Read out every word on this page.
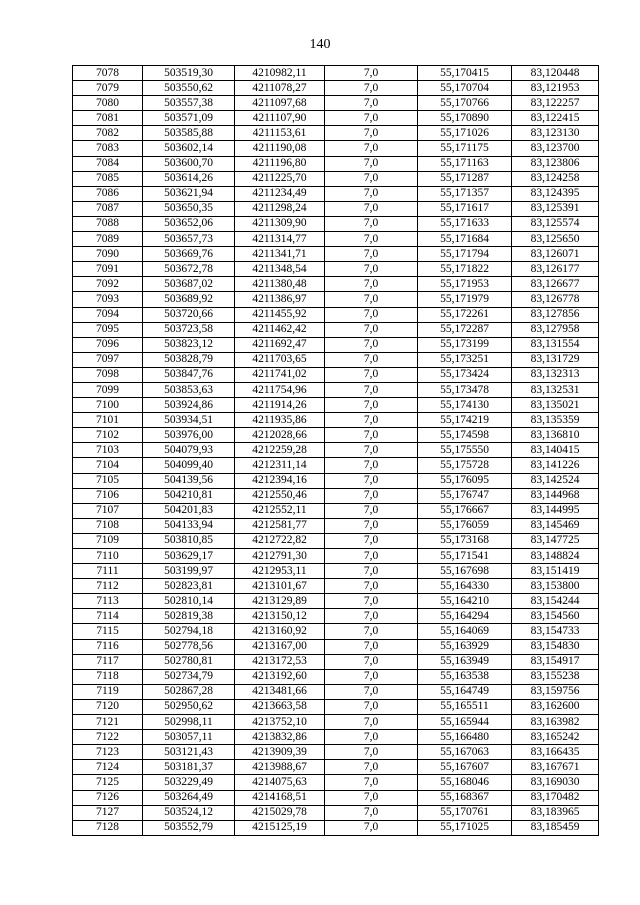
140
7078	503519,30	4210982,11	7,0	55,170415	83,120448
7079	503550,62	4211078,27	7,0	55,170704	83,121953
7080	503557,38	4211097,68	7,0	55,170766	83,122257
7081	503571,09	4211107,90	7,0	55,170890	83,122415
7082	503585,88	4211153,61	7,0	55,171026	83,123130
7083	503602,14	4211190,08	7,0	55,171175	83,123700
7084	503600,70	4211196,80	7,0	55,171163	83,123806
7085	503614,26	4211225,70	7,0	55,171287	83,124258
7086	503621,94	4211234,49	7,0	55,171357	83,124395
7087	503650,35	4211298,24	7,0	55,171617	83,125391
7088	503652,06	4211309,90	7,0	55,171633	83,125574
7089	503657,73	4211314,77	7,0	55,171684	83,125650
7090	503669,76	4211341,71	7,0	55,171794	83,126071
7091	503672,78	4211348,54	7,0	55,171822	83,126177
7092	503687,02	4211380,48	7,0	55,171953	83,126677
7093	503689,92	4211386,97	7,0	55,171979	83,126778
7094	503720,66	4211455,92	7,0	55,172261	83,127856
7095	503723,58	4211462,42	7,0	55,172287	83,127958
7096	503823,12	4211692,47	7,0	55,173199	83,131554
7097	503828,79	4211703,65	7,0	55,173251	83,131729
7098	503847,76	4211741,02	7,0	55,173424	83,132313
7099	503853,63	4211754,96	7,0	55,173478	83,132531
7100	503924,86	4211914,26	7,0	55,174130	83,135021
7101	503934,51	4211935,86	7,0	55,174219	83,135359
7102	503976,00	4212028,66	7,0	55,174598	83,136810
7103	504079,93	4212259,28	7,0	55,175550	83,140415
7104	504099,40	4212311,14	7,0	55,175728	83,141226
7105	504139,56	4212394,16	7,0	55,176095	83,142524
7106	504210,81	4212550,46	7,0	55,176747	83,144968
7107	504201,83	4212552,11	7,0	55,176667	83,144995
7108	504133,94	4212581,77	7,0	55,176059	83,145469
7109	503810,85	4212722,82	7,0	55,173168	83,147725
7110	503629,17	4212791,30	7,0	55,171541	83,148824
7111	503199,97	4212953,11	7,0	55,167698	83,151419
7112	502823,81	4213101,67	7,0	55,164330	83,153800
7113	502810,14	4213129,89	7,0	55,164210	83,154244
7114	502819,38	4213150,12	7,0	55,164294	83,154560
7115	502794,18	4213160,92	7,0	55,164069	83,154733
7116	502778,56	4213167,00	7,0	55,163929	83,154830
7117	502780,81	4213172,53	7,0	55,163949	83,154917
7118	502734,79	4213192,60	7,0	55,163538	83,155238
7119	502867,28	4213481,66	7,0	55,164749	83,159756
7120	502950,62	4213663,58	7,0	55,165511	83,162600
7121	502998,11	4213752,10	7,0	55,165944	83,163982
7122	503057,11	4213832,86	7,0	55,166480	83,165242
7123	503121,43	4213909,39	7,0	55,167063	83,166435
7124	503181,37	4213988,67	7,0	55,167607	83,167671
7125	503229,49	4214075,63	7,0	55,168046	83,169030
7126	503264,49	4214168,51	7,0	55,168367	83,170482
7127	503524,12	4215029,78	7,0	55,170761	83,183965
7128	503552,79	4215125,19	7,0	55,171025	83,185459
